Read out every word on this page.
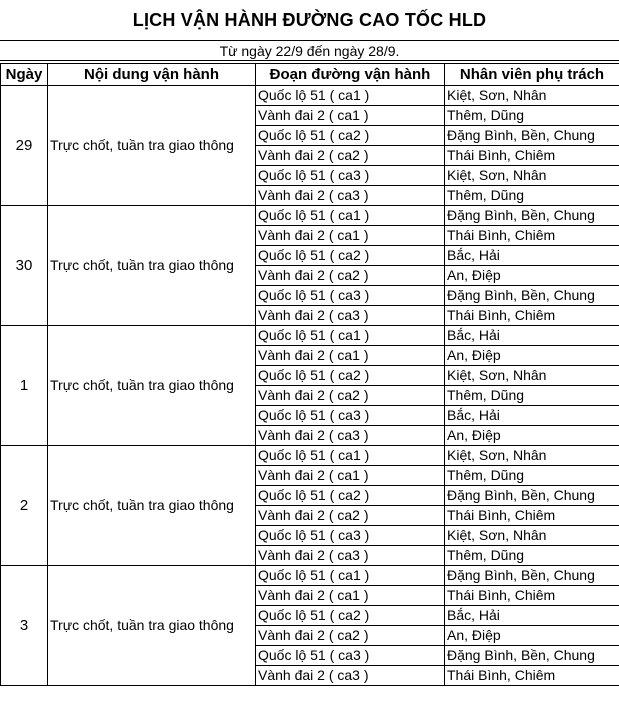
LỊCH VẬN HÀNH ĐƯỜNG CAO TỐC HLD
Từ ngày 22/9 đến ngày 28/9.
Ngày	Nội dung vận hành	Đoạn đường vận hành	Nhân viên phụ trách
29	Trực chốt, tuần tra giao thông	Quốc lộ 51 ( ca1 )	Kiệt, Sơn, Nhân
		Vành đai 2 ( ca1 )	Thêm, Dũng
		Quốc lộ 51 ( ca2 )	Đặng Bình, Bền, Chung
		Vành đai 2 ( ca2 )	Thái Bình, Chiêm
		Quốc lộ 51 ( ca3 )	Kiệt, Sơn, Nhân
		Vành đai 2 ( ca3 )	Thêm, Dũng
30	Trực chốt, tuần tra giao thông	Quốc lộ 51 ( ca1 )	Đặng Bình, Bền, Chung
		Vành đai 2 ( ca1 )	Thái Bình, Chiêm
		Quốc lộ 51 ( ca2 )	Bắc, Hải
		Vành đai 2 ( ca2 )	An, Điệp
		Quốc lộ 51 ( ca3 )	Đặng Bình, Bền, Chung
		Vành đai 2 ( ca3 )	Thái Bình, Chiêm
1	Trực chốt, tuần tra giao thông	Quốc lộ 51 ( ca1 )	Bắc, Hải
		Vành đai 2 ( ca1 )	An, Điệp
		Quốc lộ 51 ( ca2 )	Kiệt, Sơn, Nhân
		Vành đai 2 ( ca2 )	Thêm, Dũng
		Quốc lộ 51 ( ca3 )	Bắc, Hải
		Vành đai 2 ( ca3 )	An, Điệp
2	Trực chốt, tuần tra giao thông	Quốc lộ 51 ( ca1 )	Kiệt, Sơn, Nhân
		Vành đai 2 ( ca1 )	Thêm, Dũng
		Quốc lộ 51 ( ca2 )	Đặng Bình, Bền, Chung
		Vành đai 2 ( ca2 )	Thái Bình, Chiêm
		Quốc lộ 51 ( ca3 )	Kiệt, Sơn, Nhân
		Vành đai 2 ( ca3 )	Thêm, Dũng
3	Trực chốt, tuần tra giao thông	Quốc lộ 51 ( ca1 )	Đặng Bình, Bền, Chung
		Vành đai 2 ( ca1 )	Thái Bình, Chiêm
		Quốc lộ 51 ( ca2 )	Bắc, Hải
		Vành đai 2 ( ca2 )	An, Điệp
		Quốc lộ 51 ( ca3 )	Đặng Bình, Bền, Chung
		Vành đai 2 ( ca3 )	Thái Bình, Chiêm
